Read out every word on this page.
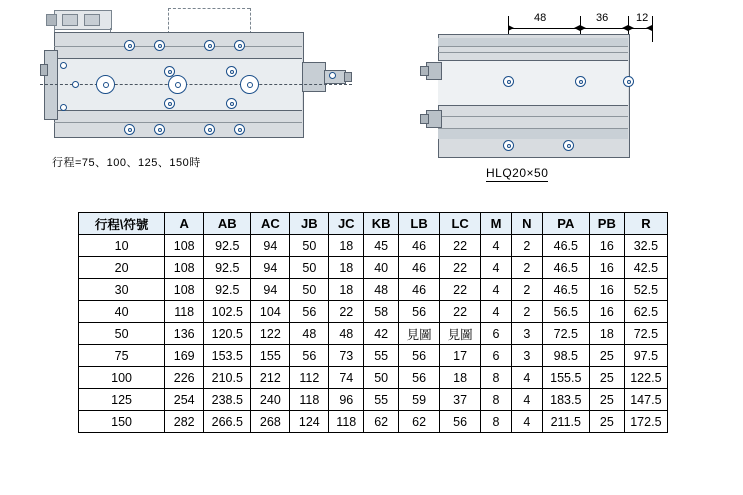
行程=75、100、125、150時
48	36	12
HLQ20×50
行程\符號	A	AB	AC	JB	JC	KB	LB	LC	M	N	PA	PB	R
10	108	92.5	94	50	18	45	46	22	4	2	46.5	16	32.5
20	108	92.5	94	50	18	40	46	22	4	2	46.5	16	42.5
30	108	92.5	94	50	18	48	46	22	4	2	46.5	16	52.5
40	118	102.5	104	56	22	58	56	22	4	2	56.5	16	62.5
50	136	120.5	122	48	48	42	見圖	見圖	6	3	72.5	18	72.5
75	169	153.5	155	56	73	55	56	17	6	3	98.5	25	97.5
100	226	210.5	212	112	74	50	56	18	8	4	155.5	25	122.5
125	254	238.5	240	118	96	55	59	37	8	4	183.5	25	147.5
150	282	266.5	268	124	118	62	62	56	8	4	211.5	25	172.5
